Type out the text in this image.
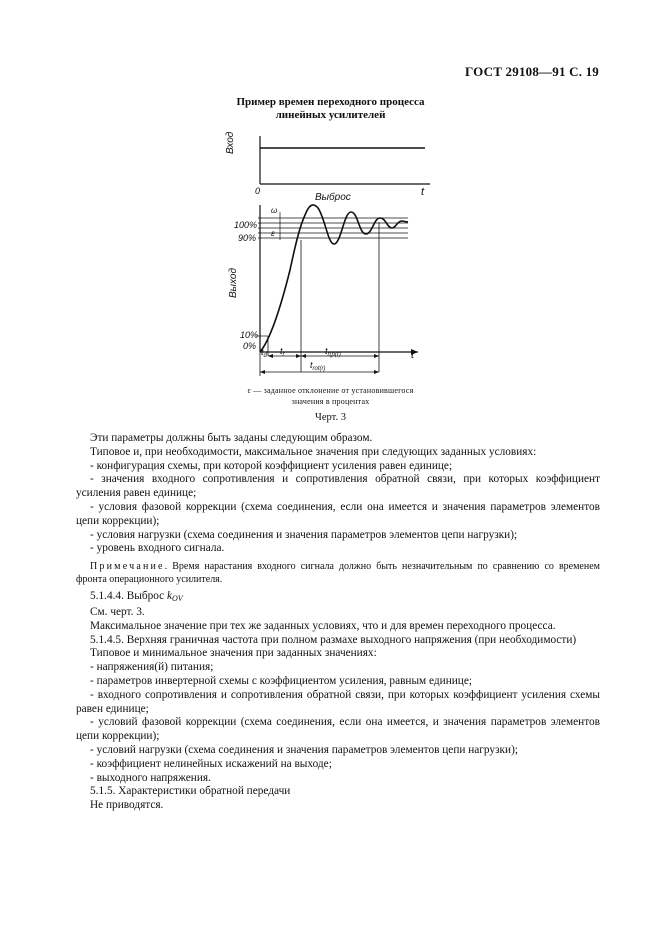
ГОСТ 29108—91 С. 19
Пример времен переходного процесса
линейных усилителей
Вход
0	t
Выброс
ω
ε
100%
90%
Выход
10%
0%
t
$t_d$ $t_r$	$t_{r(p(r)}$
$t_{rot(r)}$
ε — заданное отклонение от установившегося
значения в процентах
Черт. 3

Эти параметры должны быть заданы следующим образом.

Типовое и, при необходимости, максимальное значения при следующих заданных условиях:

- конфигурация схемы, при которой коэффициент усиления равен единице;

- значения входного сопротивления и сопротивления обратной связи, при которых коэффициент усиления равен единице;

- условия фазовой коррекции (схема соединения, если она имеется и значения параметров элементов цепи коррекции);

- условия нагрузки (схема соединения и значения параметров элементов цепи нагрузки);

- уровень входного сигнала.

Примечание. Время нарастания входного сигнала должно быть незначительным по сравнению со временем фронта операционного усилителя.

5.1.4.4. Выброс $k_{OV}$

См. черт. 3.

Максимальное значение при тех же заданных условиях, что и для времен переходного процесса.

5.1.4.5. Верхняя граничная частота при полном размахе выходного напряжения (при необходимости)

Типовое и минимальное значения при заданных значениях:

- напряжения(й) питания;

- параметров инвертерной схемы с коэффициентом усиления, равным единице;

- входного сопротивления и сопротивления обратной связи, при которых коэффициент усиления схемы равен единице;

- условий фазовой коррекции (схема соединения, если она имеется, и значения параметров элементов цепи коррекции);

- условий нагрузки (схема соединения и значения параметров элементов цепи нагрузки);

- коэффициент нелинейных искажений на выходе;

- выходного напряжения.

5.1.5. Характеристики обратной передачи

Не приводятся.
